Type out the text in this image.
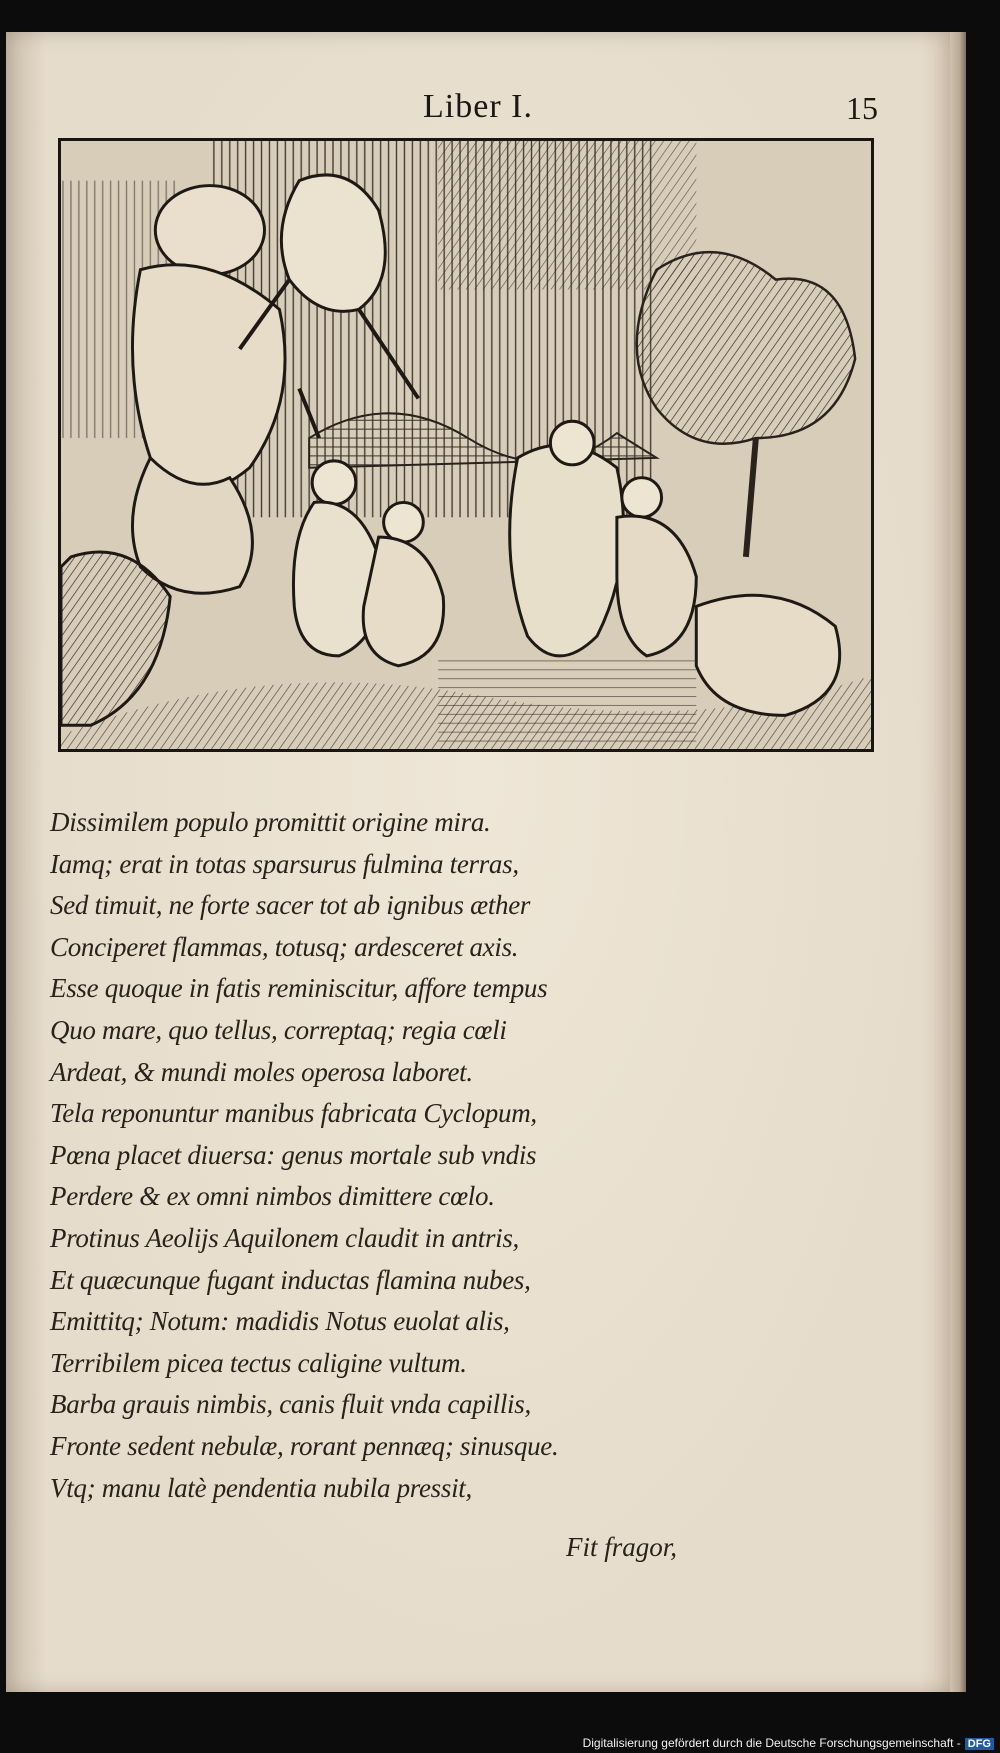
Liber I.	15
Dissimilem populo promittit origine mira.
Iamq; erat in totas sparsurus fulmina terras,
Sed timuit, ne forte sacer tot ab ignibus æther
Conciperet flammas, totusq; ardesceret axis.
Esse quoque in fatis reminiscitur, affore tempus
Quo mare, quo tellus, correptaq; regia cœli
Ardeat, & mundi moles operosa laboret.
Tela reponuntur manibus fabricata Cyclopum,
Pœna placet diuersa: genus mortale sub vndis
Perdere & ex omni nimbos dimittere cœlo.
Protinus Aeolijs Aquilonem claudit in antris,
Et quæcunque fugant inductas flamina nubes,
Emittitq; Notum: madidis Notus euolat alis,
Terribilem picea tectus caligine vultum.
Barba grauis nimbis, canis fluit vnda capillis,
Fronte sedent nebulæ, rorant pennæq; sinusque.
Vtq; manu latè pendentia nubila pressit,
Fit fragor,
Digitalisierung gefördert durch die Deutsche Forschungsgemeinschaft - DFG
